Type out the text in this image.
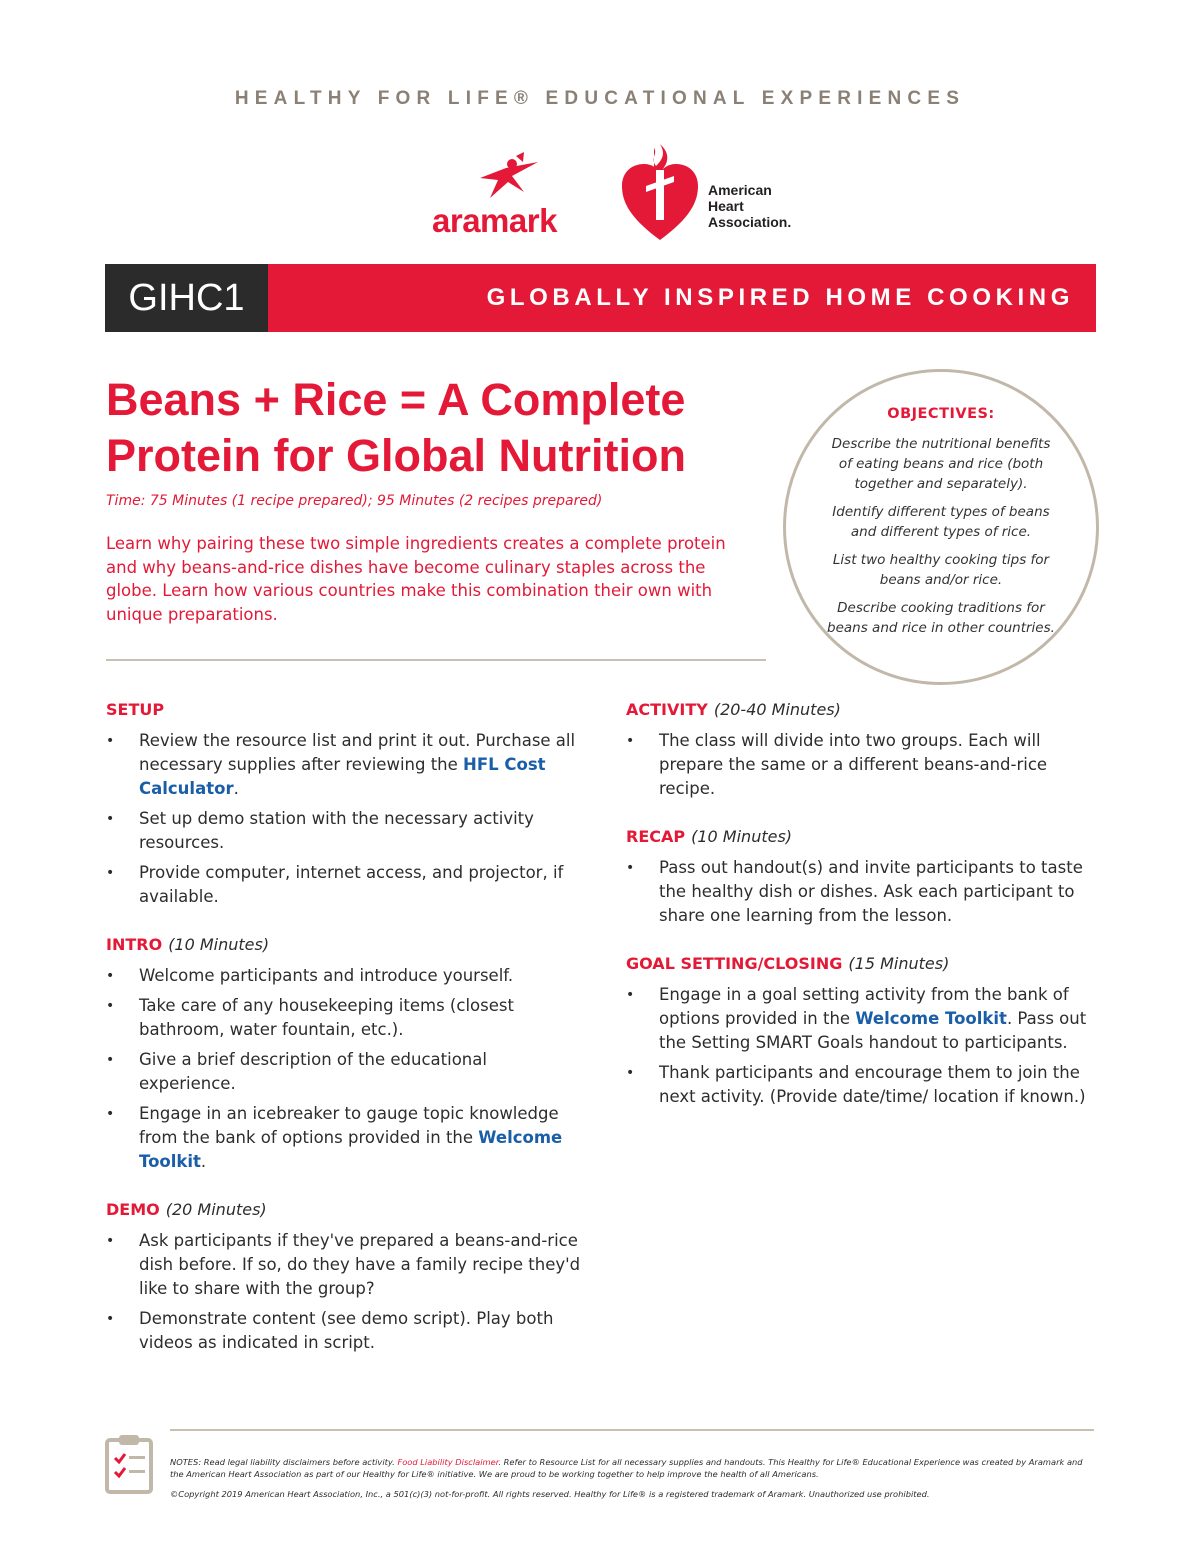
HEALTHY FOR LIFE® EDUCATIONAL EXPERIENCES
aramark
American
Heart
Association.
GIHC1	GLOBALLY INSPIRED HOME COOKING
Beans + Rice = A Complete
Protein for Global Nutrition
Time: 75 Minutes (1 recipe prepared); 95 Minutes (2 recipes prepared)
Learn why pairing these two simple ingredients creates a complete protein and why beans-and-rice dishes have become culinary staples across the globe. Learn how various countries make this combination their own with unique preparations.
OBJECTIVES:
Describe the nutritional benefits of eating beans and rice (both together and separately).
Identify different types of beans and different types of rice.
List two healthy cooking tips for beans and/or rice.
Describe cooking traditions for beans and rice in other countries.
SETUP
• Review the resource list and print it out. Purchase all necessary supplies after reviewing the HFL Cost Calculator.
• Set up demo station with the necessary activity resources.
• Provide computer, internet access, and projector, if available.
INTRO (10 Minutes)
• Welcome participants and introduce yourself.
• Take care of any housekeeping items (closest bathroom, water fountain, etc.).
• Give a brief description of the educational experience.
• Engage in an icebreaker to gauge topic knowledge from the bank of options provided in the Welcome Toolkit.
DEMO (20 Minutes)
• Ask participants if they've prepared a beans-and-rice dish before. If so, do they have a family recipe they'd like to share with the group?
• Demonstrate content (see demo script). Play both videos as indicated in script.
ACTIVITY (20-40 Minutes)
• The class will divide into two groups. Each will prepare the same or a different beans-and-rice recipe.
RECAP (10 Minutes)
• Pass out handout(s) and invite participants to taste the healthy dish or dishes. Ask each participant to share one learning from the lesson.
GOAL SETTING/CLOSING (15 Minutes)
• Engage in a goal setting activity from the bank of options provided in the Welcome Toolkit. Pass out the Setting SMART Goals handout to participants.
• Thank participants and encourage them to join the next activity. (Provide date/time/ location if known.)
NOTES: Read legal liability disclaimers before activity. Food Liability Disclaimer. Refer to Resource List for all necessary supplies and handouts. This Healthy for Life® Educational Experience was created by Aramark and the American Heart Association as part of our Healthy for Life® initiative. We are proud to be working together to help improve the health of all Americans.
©Copyright 2019 American Heart Association, Inc., a 501(c)(3) not-for-profit. All rights reserved. Healthy for Life® is a registered trademark of Aramark. Unauthorized use prohibited.
